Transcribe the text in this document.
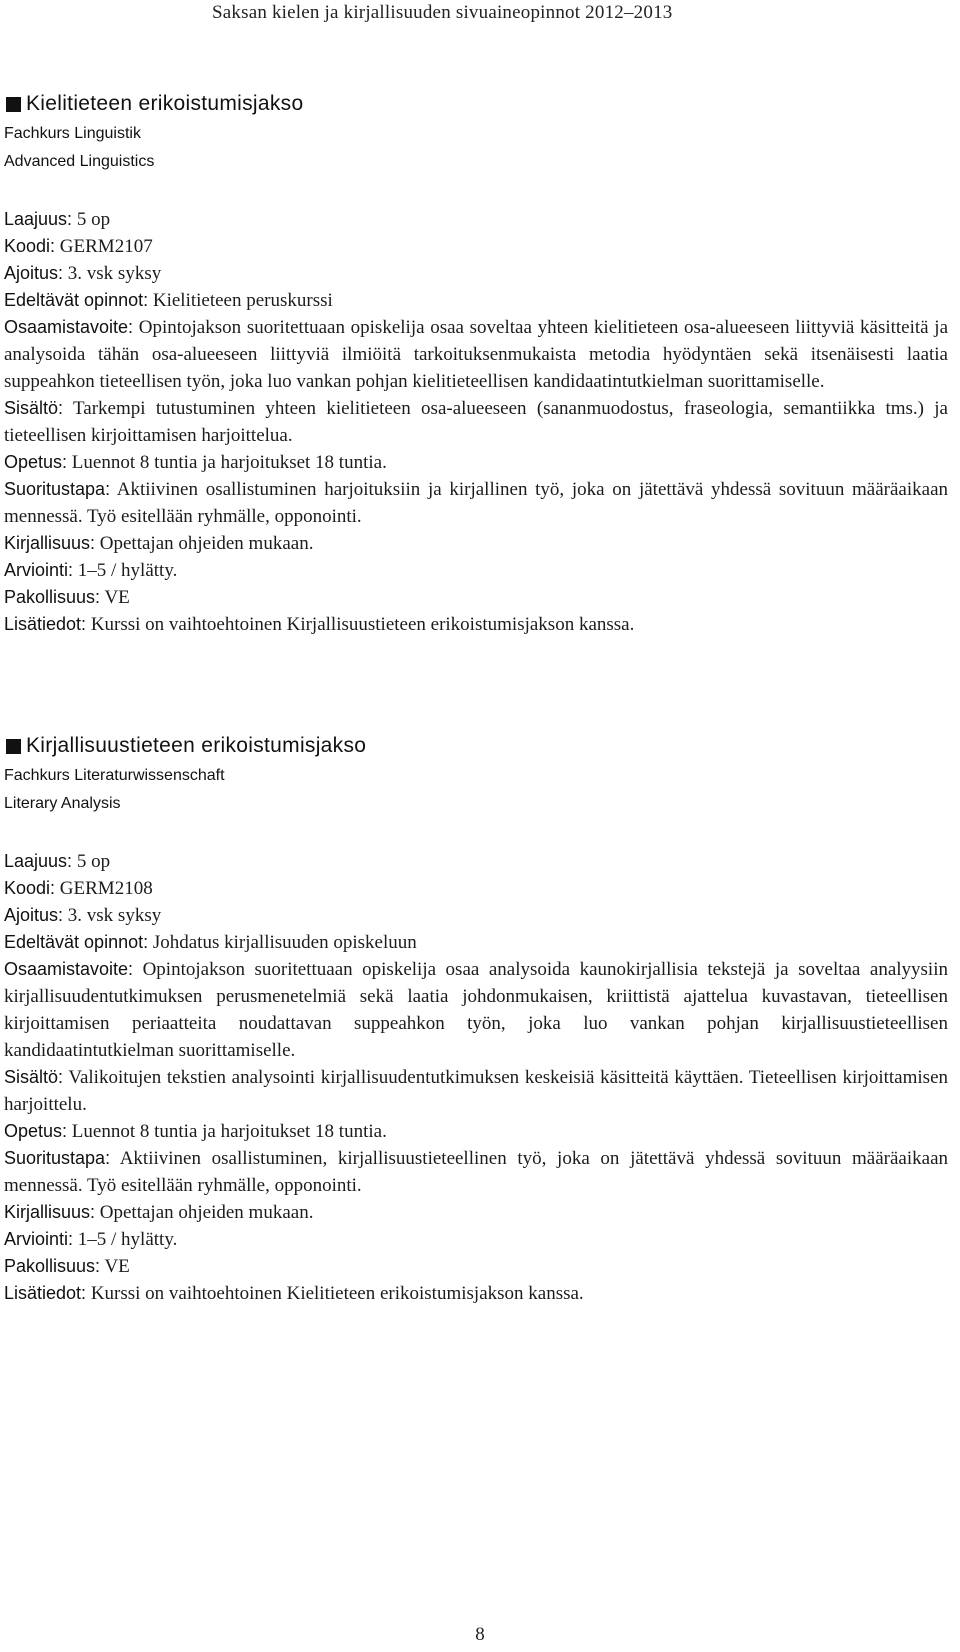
Saksan kielen ja kirjallisuuden sivuaineopinnot 2012–2013
Kielitieteen erikoistumisjakso
Fachkurs Linguistik
Advanced Linguistics

Laajuus: 5 op

Koodi: GERM2107

Ajoitus: 3. vsk syksy

Edeltävät opinnot: Kielitieteen peruskurssi

Osaamistavoite: Opintojakson suoritettuaan opiskelija osaa soveltaa yhteen kielitieteen osa-alueeseen liittyviä käsitteitä ja analysoida tähän osa-alueeseen liittyviä ilmiöitä tarkoituksenmukaista metodia hyödyntäen sekä itsenäisesti laatia suppeahkon tieteellisen työn, joka luo vankan pohjan kielitieteellisen kandidaatintutkielman suorittamiselle.

Sisältö: Tarkempi tutustuminen yhteen kielitieteen osa-alueeseen (sananmuodostus, fraseologia, semantiikka tms.) ja tieteellisen kirjoittamisen harjoittelua.

Opetus: Luennot 8 tuntia ja harjoitukset 18 tuntia.

Suoritustapa: Aktiivinen osallistuminen harjoituksiin ja kirjallinen työ, joka on jätettävä yhdessä sovituun määräaikaan mennessä. Työ esitellään ryhmälle, opponointi.

Kirjallisuus: Opettajan ohjeiden mukaan.

Arviointi: 1–5 / hylätty.

Pakollisuus: VE

Lisätiedot: Kurssi on vaihtoehtoinen Kirjallisuustieteen erikoistumisjakson kanssa.

Kirjallisuustieteen erikoistumisjakso
Fachkurs Literaturwissenschaft
Literary Analysis

Laajuus: 5 op

Koodi: GERM2108

Ajoitus: 3. vsk syksy

Edeltävät opinnot: Johdatus kirjallisuuden opiskeluun

Osaamistavoite: Opintojakson suoritettuaan opiskelija osaa analysoida kaunokirjallisia tekstejä ja soveltaa analyysiin kirjallisuudentutkimuksen perusmenetelmiä sekä laatia johdonmukaisen, kriittistä ajattelua kuvastavan, tieteellisen kirjoittamisen periaatteita noudattavan suppeahkon työn, joka luo vankan pohjan kirjallisuustieteellisen kandidaatintutkielman suorittamiselle.

Sisältö: Valikoitujen tekstien analysointi kirjallisuudentutkimuksen keskeisiä käsitteitä käyttäen. Tieteellisen kirjoittamisen harjoittelu.

Opetus: Luennot 8 tuntia ja harjoitukset 18 tuntia.

Suoritustapa: Aktiivinen osallistuminen, kirjallisuustieteellinen työ, joka on jätettävä yhdessä sovituun määräaikaan mennessä. Työ esitellään ryhmälle, opponointi.

Kirjallisuus: Opettajan ohjeiden mukaan.

Arviointi: 1–5 / hylätty.

Pakollisuus: VE

Lisätiedot: Kurssi on vaihtoehtoinen Kielitieteen erikoistumisjakson kanssa.

8
